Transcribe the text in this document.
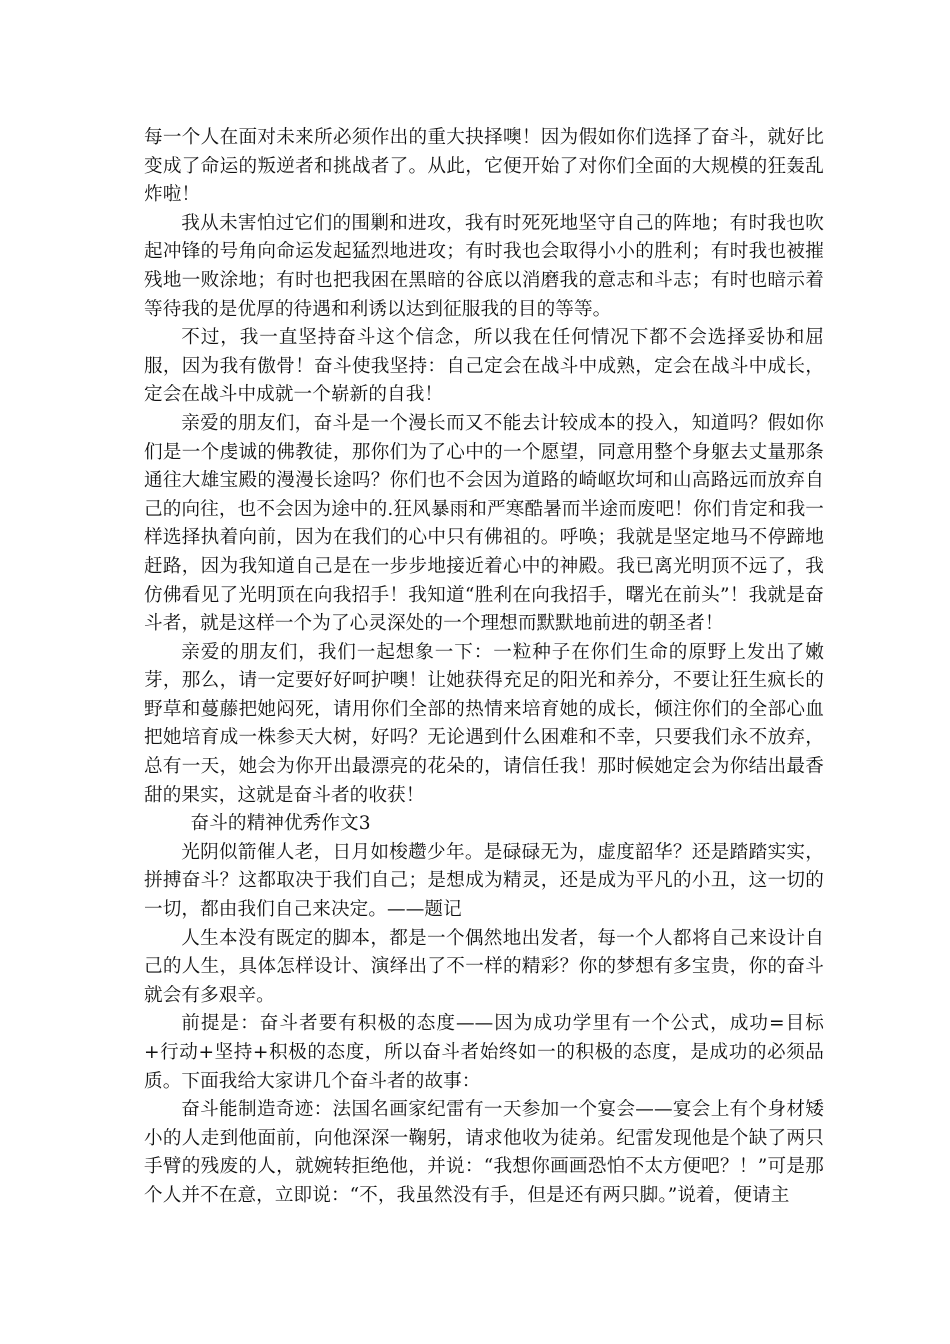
每一个人在面对未来所必须作出的重大抉择噢！因为假如你们选择了奋斗，就好比变成了命运的叛逆者和挑战者了。从此，它便开始了对你们全面的大规模的狂轰乱炸啦！

我从未害怕过它们的围剿和进攻，我有时死死地坚守自己的阵地；有时我也吹起冲锋的号角向命运发起猛烈地进攻；有时我也会取得小小的胜利；有时我也被摧残地一败涂地；有时也把我困在黑暗的谷底以消磨我的意志和斗志；有时也暗示着等待我的是优厚的待遇和利诱以达到征服我的目的等等。

不过，我一直坚持奋斗这个信念，所以我在任何情况下都不会选择妥协和屈服，因为我有傲骨！奋斗使我坚持：自己定会在战斗中成熟，定会在战斗中成长，定会在战斗中成就一个崭新的自我！

亲爱的朋友们，奋斗是一个漫长而又不能去计较成本的投入，知道吗？假如你们是一个虔诚的佛教徒，那你们为了心中的一个愿望，同意用整个身躯去丈量那条通往大雄宝殿的漫漫长途吗？你们也不会因为道路的崎岖坎坷和山高路远而放弃自己的向往，也不会因为途中的.狂风暴雨和严寒酷暑而半途而废吧！你们肯定和我一样选择执着向前，因为在我们的心中只有佛祖的。呼唤；我就是坚定地马不停蹄地赶路，因为我知道自己是在一步步地接近着心中的神殿。我已离光明顶不远了，我仿佛看见了光明顶在向我招手！我知道“胜利在向我招手，曙光在前头”！我就是奋斗者，就是这样一个为了心灵深处的一个理想而默默地前进的朝圣者！

亲爱的朋友们，我们一起想象一下：一粒种子在你们生命的原野上发出了嫩芽，那么，请一定要好好呵护噢！让她获得充足的阳光和养分，不要让狂生疯长的野草和蔓藤把她闷死，请用你们全部的热情来培育她的成长，倾注你们的全部心血把她培育成一株参天大树，好吗？无论遇到什么困难和不幸，只要我们永不放弃，总有一天，她会为你开出最漂亮的花朵的，请信任我！那时候她定会为你结出最香甜的果实，这就是奋斗者的收获！

奋斗的精神优秀作文3

光阴似箭催人老，日月如梭趱少年。是碌碌无为，虚度韶华？还是踏踏实实，拼搏奋斗？这都取决于我们自己；是想成为精灵，还是成为平凡的小丑，这一切的一切，都由我们自己来决定。——题记

人生本没有既定的脚本，都是一个偶然地出发者，每一个人都将自己来设计自己的人生，具体怎样设计、演绎出了不一样的精彩？你的梦想有多宝贵，你的奋斗就会有多艰辛。

前提是：奋斗者要有积极的态度——因为成功学里有一个公式，成功=目标+行动+坚持+积极的态度，所以奋斗者始终如一的积极的态度，是成功的必须品质。下面我给大家讲几个奋斗者的故事：

奋斗能制造奇迹：法国名画家纪雷有一天参加一个宴会——宴会上有个身材矮小的人走到他面前，向他深深一鞠躬，请求他收为徒弟。纪雷发现他是个缺了两只手臂的残废的人，就婉转拒绝他，并说：“我想你画画恐怕不太方便吧？！”可是那个人并不在意，立即说：“不，我虽然没有手，但是还有两只脚。”说着，便请主
